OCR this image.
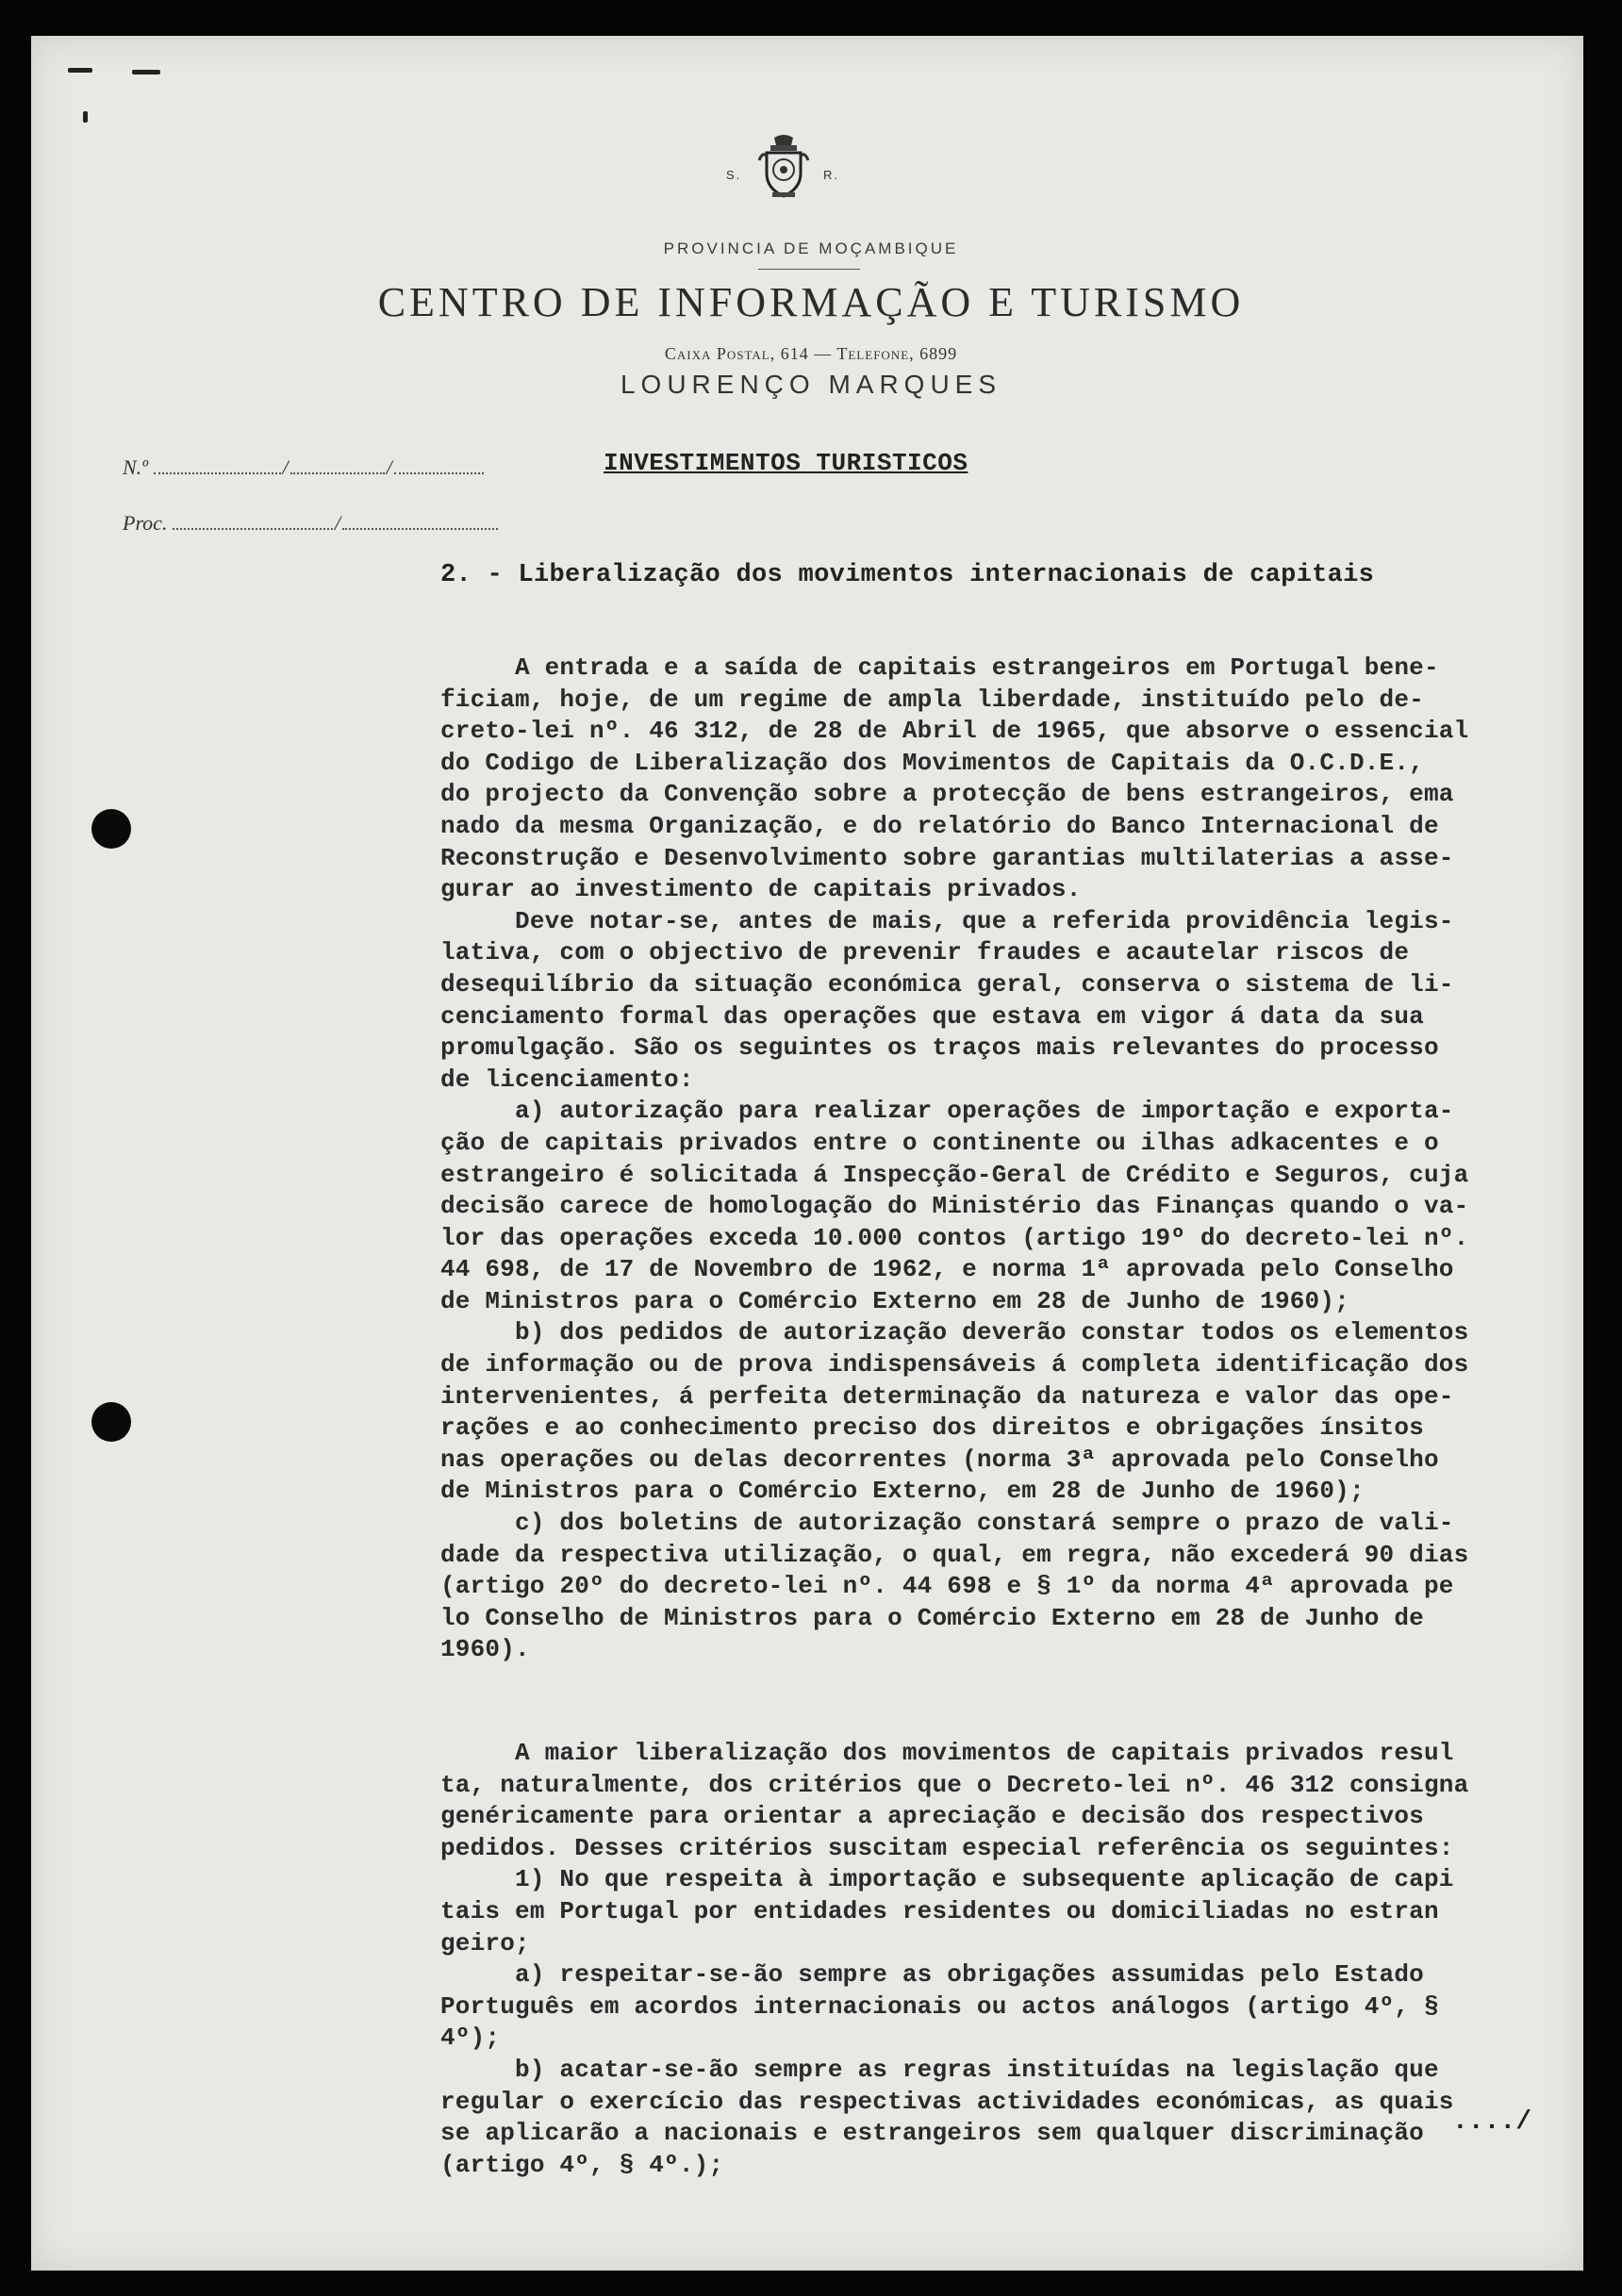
S.	R.
PROVINCIA DE MOÇAMBIQUE
CENTRO DE INFORMAÇÃO E TURISMO
Caixa Postal, 614 — Telefone, 6899
LOURENÇO MARQUES
N.º	/	/
Proc.	/
INVESTIMENTOS TURISTICOS
2. - Liberalização dos movimentos internacionais de capitais
A entrada e a saída de capitais estrangeiros em Portugal bene-
ficiam, hoje, de um regime de ampla liberdade, instituído pelo de-
creto-lei nº. 46 312, de 28 de Abril de 1965, que absorve o essencial
do Codigo de Liberalização dos Movimentos de Capitais da O.C.D.E.,
do projecto da Convenção sobre a protecção de bens estrangeiros, ema
nado da mesma Organização, e do relatório do Banco Internacional de
Reconstrução e Desenvolvimento sobre garantias multilaterias a asse-
gurar ao investimento de capitais privados.
Deve notar-se, antes de mais, que a referida providência legis-
lativa, com o objectivo de prevenir fraudes e acautelar riscos de
desequilíbrio da situação económica geral, conserva o sistema de li-
cenciamento formal das operações que estava em vigor á data da sua
promulgação. São os seguintes os traços mais relevantes do processo
de licenciamento:
a) autorização para realizar operações de importação e exporta-
ção de capitais privados entre o continente ou ilhas adkacentes e o
estrangeiro é solicitada á Inspecção-Geral de Crédito e Seguros, cuja
decisão carece de homologação do Ministério das Finanças quando o va-
lor das operações exceda 10.000 contos (artigo 19º do decreto-lei nº.
44 698, de 17 de Novembro de 1962, e norma 1ª aprovada pelo Conselho
de Ministros para o Comércio Externo em 28 de Junho de 1960);
b) dos pedidos de autorização deverão constar todos os elementos
de informação ou de prova indispensáveis á completa identificação dos
intervenientes, á perfeita determinação da natureza e valor das ope-
rações e ao conhecimento preciso dos direitos e obrigações ínsitos
nas operações ou delas decorrentes (norma 3ª aprovada pelo Conselho
de Ministros para o Comércio Externo, em 28 de Junho de 1960);
c) dos boletins de autorização constará sempre o prazo de vali-
dade da respectiva utilização, o qual, em regra, não excederá 90 dias
(artigo 20º do decreto-lei nº. 44 698 e § 1º da norma 4ª aprovada pe
lo Conselho de Ministros para o Comércio Externo em 28 de Junho de
1960).
A maior liberalização dos movimentos de capitais privados resul
ta, naturalmente, dos critérios que o Decreto-lei nº. 46 312 consigna
genéricamente para orientar a apreciação e decisão dos respectivos
pedidos. Desses critérios suscitam especial referência os seguintes:
1) No que respeita à importação e subsequente aplicação de capi
tais em Portugal por entidades residentes ou domiciliadas no estran
geiro;
a) respeitar-se-ão sempre as obrigações assumidas pelo Estado
Português em acordos internacionais ou actos análogos (artigo 4º, §
4º);
b) acatar-se-ão sempre as regras instituídas na legislação que
regular o exercício das respectivas actividades económicas, as quais
se aplicarão a nacionais e estrangeiros sem qualquer discriminação
(artigo 4º, § 4º.);
..../
